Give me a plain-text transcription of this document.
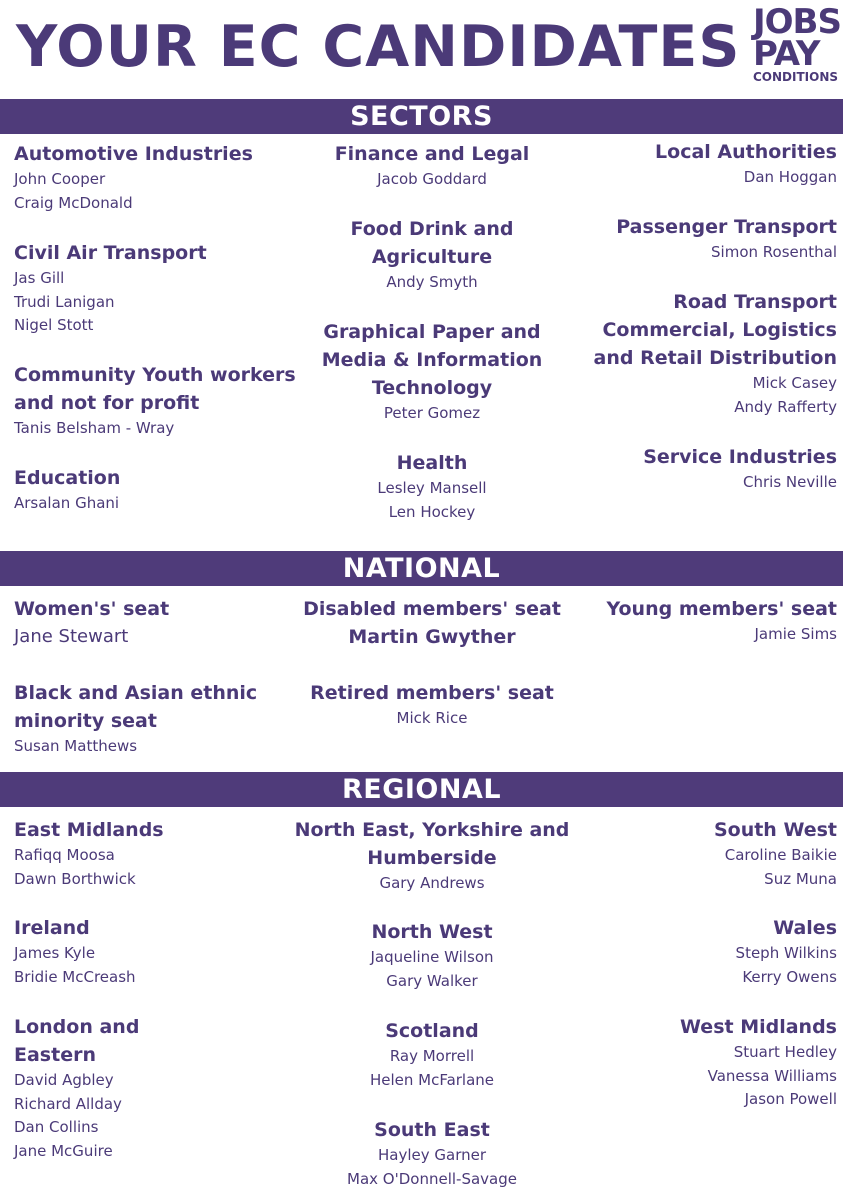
YOUR EC CANDIDATES JOBS
PAY
CONDITIONS
SECTORS
Automotive Industries
John Cooper
Craig McDonald
Civil Air Transport
Jas Gill
Trudi Lanigan
Nigel Stott
Community Youth workers
and not for profit
Tanis Belsham - Wray
Education
Arsalan Ghani
Finance and Legal
Jacob Goddard
Food Drink and
Agriculture
Andy Smyth
Graphical Paper and
Media & Information
Technology
Peter Gomez
Health
Lesley Mansell
Len Hockey
Local Authorities
Dan Hoggan
Passenger Transport
Simon Rosenthal
Road Transport
Commercial, Logistics
and Retail Distribution
Mick Casey
Andy Rafferty
Service Industries
Chris Neville
NATIONAL
Women's' seat
Jane Stewart
Black and Asian ethnic
minority seat
Susan Matthews
Disabled members' seat
Martin Gwyther
Retired members' seat
Mick Rice
Young members' seat
Jamie Sims
REGIONAL
East Midlands
Rafiqq Moosa
Dawn Borthwick
Ireland
James Kyle
Bridie McCreash
London and
Eastern
David Agbley
Richard Allday
Dan Collins
Jane McGuire
North East, Yorkshire and
Humberside
Gary Andrews
North West
Jaqueline Wilson
Gary Walker
Scotland
Ray Morrell
Helen McFarlane
South East
Hayley Garner
Max O'Donnell-Savage
South West
Caroline Baikie
Suz Muna
Wales
Steph Wilkins
Kerry Owens
West Midlands
Stuart Hedley
Vanessa Williams
Jason Powell
